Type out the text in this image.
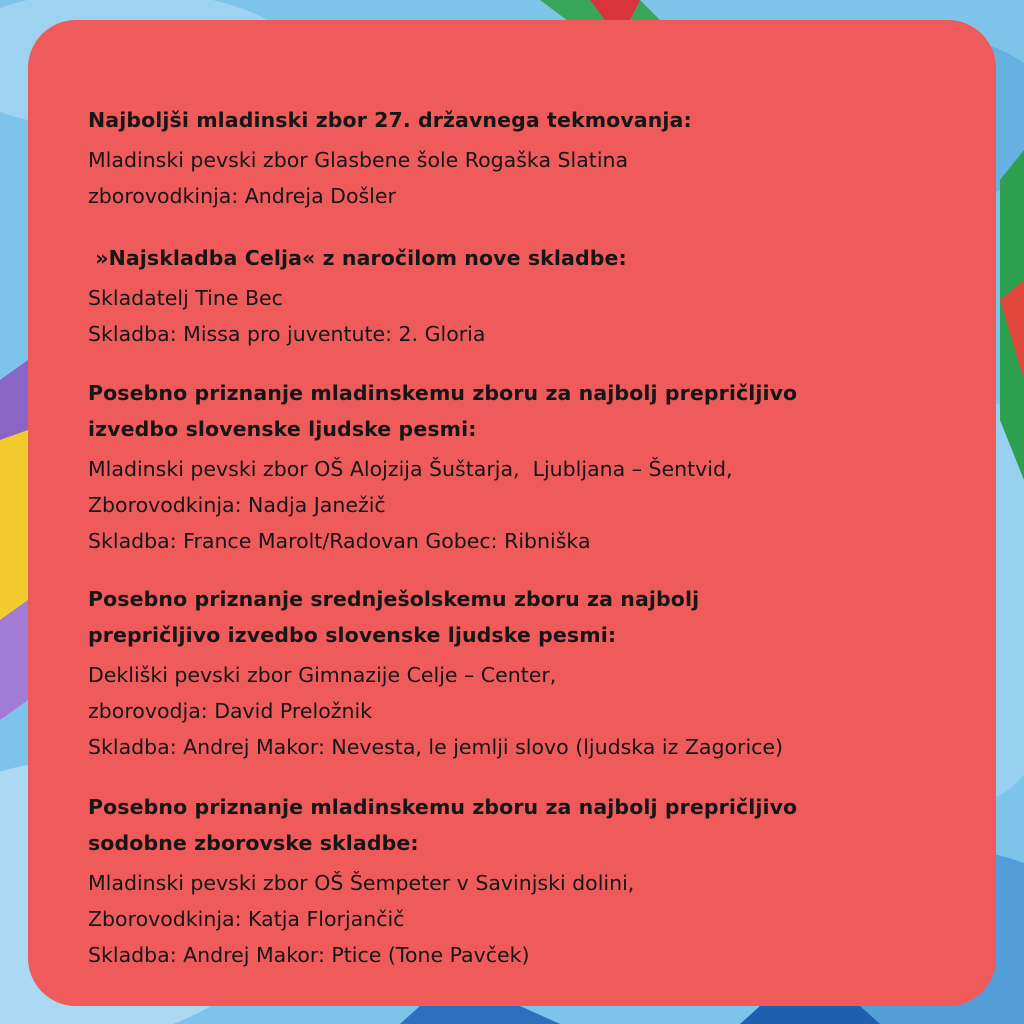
Najboljši mladinski zbor 27. državnega tekmovanja:

Mladinski pevski zbor Glasbene šole Rogaška Slatina

zborovodkinja: Andreja Došler

»Najskladba Celja« z naročilom nove skladbe:

Skladatelj Tine Bec

Skladba: Missa pro juventute: 2. Gloria

Posebno priznanje mladinskemu zboru za najbolj prepričljivo

izvedbo slovenske ljudske pesmi:

Mladinski pevski zbor OŠ Alojzija Šuštarja,  Ljubljana – Šentvid,

Zborovodkinja: Nadja Janežič

Skladba: France Marolt/Radovan Gobec: Ribniška

Posebno priznanje srednješolskemu zboru za najbolj

prepričljivo izvedbo slovenske ljudske pesmi:

Dekliški pevski zbor Gimnazije Celje – Center,

zborovodja: David Preložnik

Skladba: Andrej Makor: Nevesta, le jemlji slovo (ljudska iz Zagorice)

Posebno priznanje mladinskemu zboru za najbolj prepričljivo

sodobne zborovske skladbe:

Mladinski pevski zbor OŠ Šempeter v Savinjski dolini,

Zborovodkinja: Katja Florjančič

Skladba: Andrej Makor: Ptice (Tone Pavček)
